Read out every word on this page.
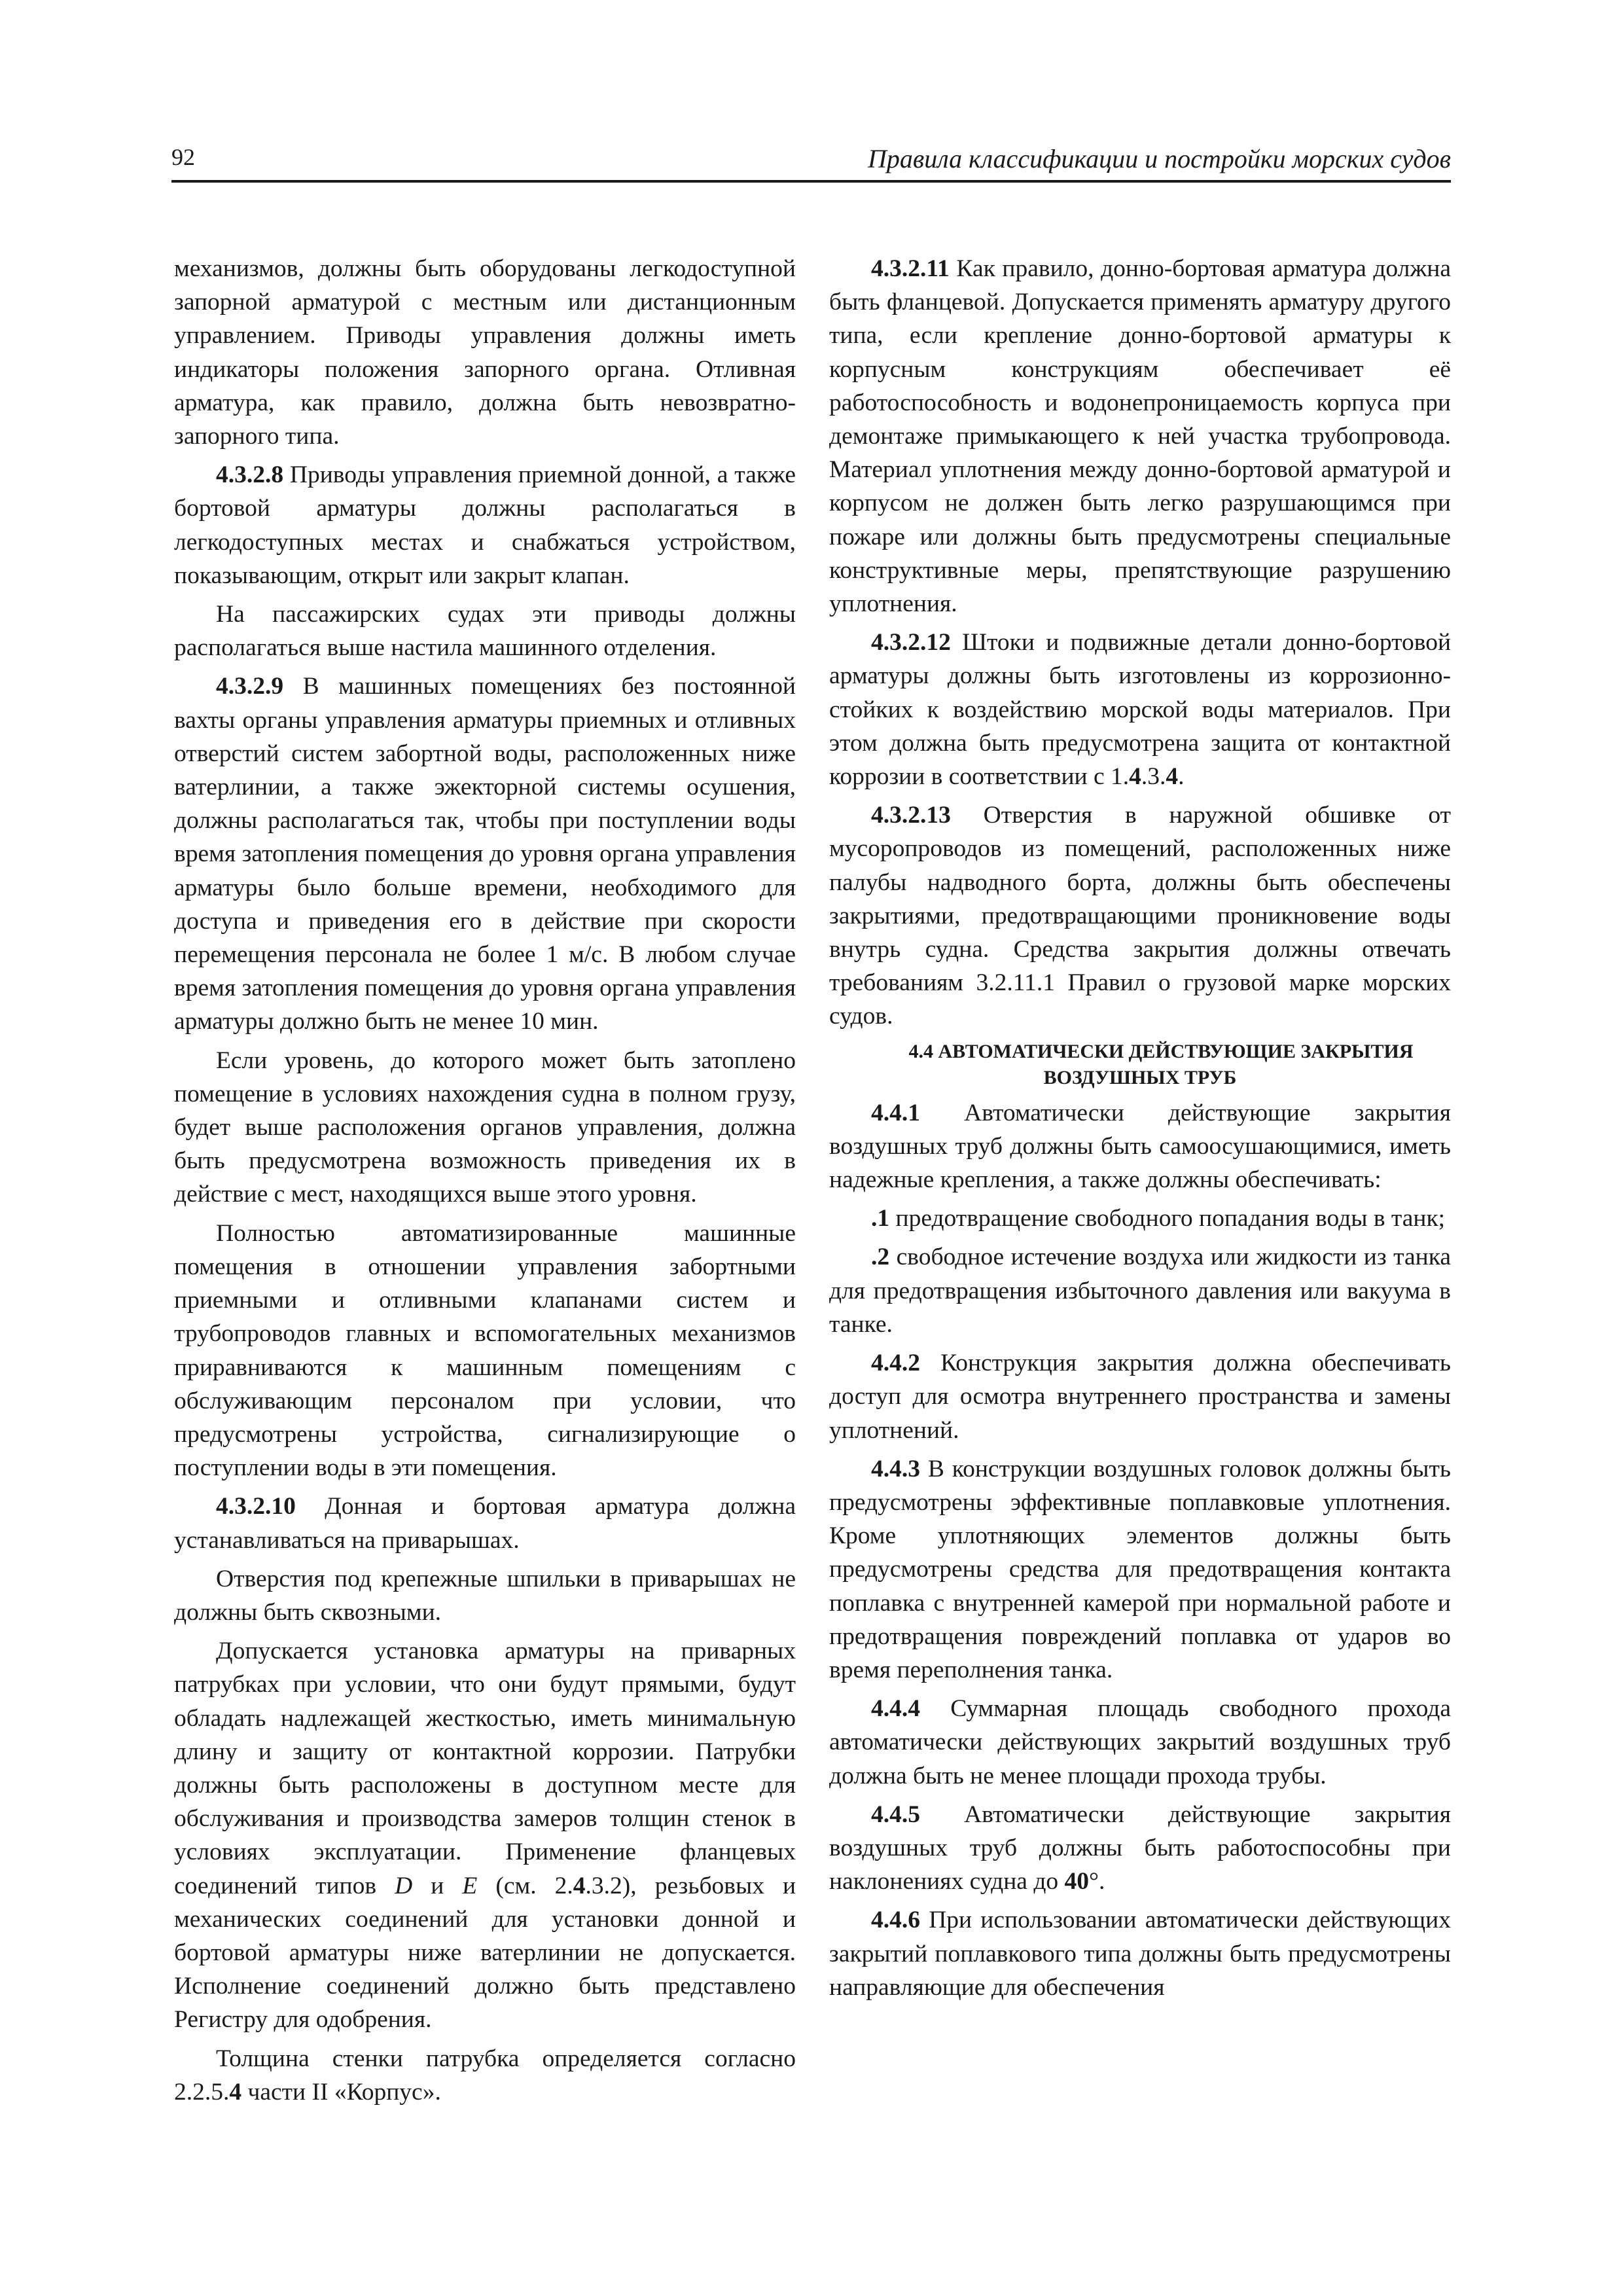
92	Правила классификации и постройки морских судов

механизмов, должны быть оборудованы легкодоступной запорной арматурой с местным или дистанционным управлением. Приводы управления должны иметь индикаторы положения запорного органа. Отливная арматура, как правило, должна быть невозвратно-запорного типа.

4.3.2.8 Приводы управления приемной донной, а также бортовой арматуры должны располагаться в легкодоступных местах и снабжаться устройством, показывающим, открыт или закрыт клапан.

На пассажирских судах эти приводы должны располагаться выше настила машинного отделения.

4.3.2.9 В машинных помещениях без постоянной вахты органы управления арматуры приемных и отливных отверстий систем забортной воды, расположенных ниже ватерлинии, а также эжекторной системы осушения, должны располагаться так, чтобы при поступлении воды время затопления помещения до уровня органа управления арматуры было больше времени, необходимого для доступа и приведения его в действие при скорости перемещения персонала не более 1 м/с. В любом случае время затопления помещения до уровня органа управления арматуры должно быть не менее 10 мин.

Если уровень, до которого может быть затоплено помещение в условиях нахождения судна в полном грузу, будет выше расположения органов управления, должна быть предусмотрена возможность приведения их в действие с мест, находящихся выше этого уровня.

Полностью автоматизированные машинные помещения в отношении управления забортными приемными и отливными клапанами систем и трубопроводов главных и вспомогательных механизмов приравниваются к машинным помещениям с обслуживающим персоналом при условии, что предусмотрены устройства, сигнализирующие о поступлении воды в эти помещения.

4.3.2.10 Донная и бортовая арматура должна устанавливаться на приварышах.

Отверстия под крепежные шпильки в приварышах не должны быть сквозными.

Допускается установка арматуры на приварных патрубках при условии, что они будут прямыми, будут обладать надлежащей жесткостью, иметь минимальную длину и защиту от контактной коррозии. Патрубки должны быть расположены в доступном месте для обслуживания и производства замеров толщин стенок в условиях эксплуатации. Применение фланцевых соединений типов D и E (см. 2.4.3.2), резьбовых и механических соединений для установки донной и бортовой арматуры ниже ватерлинии не допускается. Исполнение соединений должно быть представлено Регистру для одобрения.

Толщина стенки патрубка определяется согласно 2.2.5.4 части II «Корпус».

4.3.2.11 Как правило, донно-бортовая арматура должна быть фланцевой. Допускается применять арматуру другого типа, если крепление донно-бортовой арматуры к корпусным конструкциям обеспечивает её работоспособность и водонепроницаемость корпуса при демонтаже примыкающего к ней участка трубопровода. Материал уплотнения между донно-бортовой арматурой и корпусом не должен быть легко разрушающимся при пожаре или должны быть предусмотрены специальные конструктивные меры, препятствующие разрушению уплотнения.

4.3.2.12 Штоки и подвижные детали донно-бортовой арматуры должны быть изготовлены из коррозионно-стойких к воздействию морской воды материалов. При этом должна быть предусмотрена защита от контактной коррозии в соответствии с 1.4.3.4.

4.3.2.13 Отверстия в наружной обшивке от мусоропроводов из помещений, расположенных ниже палубы надводного борта, должны быть обеспечены закрытиями, предотвращающими проникновение воды внутрь судна. Средства закрытия должны отвечать требованиям 3.2.11.1 Правил о грузовой марке морских судов.

4.4 АВТОМАТИЧЕСКИ ДЕЙСТВУЮЩИЕ ЗАКРЫТИЯ
ВОЗДУШНЫХ ТРУБ

4.4.1 Автоматически действующие закрытия воздушных труб должны быть самоосушающимися, иметь надежные крепления, а также должны обеспечивать:

.1 предотвращение свободного попадания воды в танк;

.2 свободное истечение воздуха или жидкости из танка для предотвращения избыточного давления или вакуума в танке.

4.4.2 Конструкция закрытия должна обеспечивать доступ для осмотра внутреннего пространства и замены уплотнений.

4.4.3 В конструкции воздушных головок должны быть предусмотрены эффективные поплавковые уплотнения. Кроме уплотняющих элементов должны быть предусмотрены средства для предотвращения контакта поплавка с внутренней камерой при нормальной работе и предотвращения повреждений поплавка от ударов во время переполнения танка.

4.4.4 Суммарная площадь свободного прохода автоматически действующих закрытий воздушных труб должна быть не менее площади прохода трубы.

4.4.5 Автоматически действующие закрытия воздушных труб должны быть работоспособны при наклонениях судна до 40°.

4.4.6 При использовании автоматически действующих закрытий поплавкового типа должны быть предусмотрены направляющие для обеспечения
